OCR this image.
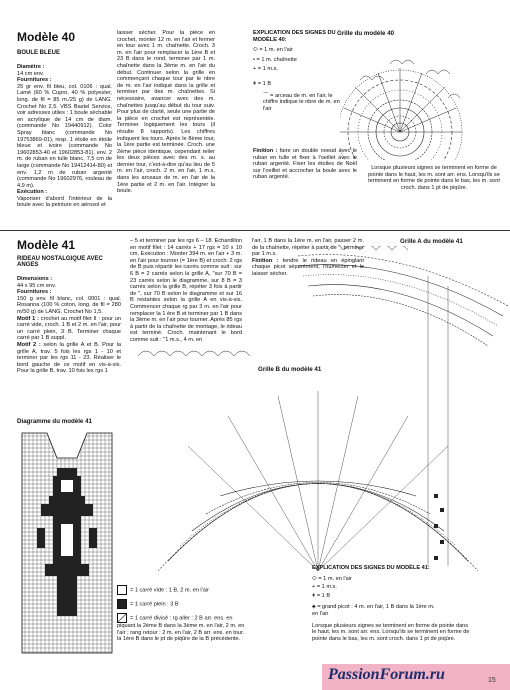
Modèle 40
BOULE BLEUE

Diamètre :

14 cm env.

Fournitures :

25 gr env. fil bleu, col. 0106 : qual. Lamé (60 % Cupro, 40 % polyester, long. de fil = 85 m./25 g) de LANG. Crochet No 2,5. VBS Bastel Service, voir adresses utiles : 1 boule sèchable en acrylique de 14 cm de diam. (commande No 19440912). Color Spray blanc (commande No 19753869-01), resp. 1 étoile en étoile bleue et ivoire (commande No 19602853-40 et 19602853-81), env. 2 m. de ruban en tulle blanc, 7,5 cm de large (commande No 19412414-80) et env. 1,2 m de ruban argenté (commande No 19602976, rouleau de 4,9 m).

Exécution :

Vaporiser d'abord l'intérieur de la boule avec la peinture en aérosol et

laisser sécher. Pour la pièce en crochet, monter 12 m. en l'air et fermer en tour avec 1 m. chaînette. Croch. 3 m. en l'air pour remplacer la 1ère B et 23 B dans le rond, terminer par 1 m. chaînette dans la 3ème m. en l'air du début. Continuer selon la grille en commençant chaque tour par le nbre de m. en l'air indiqué dans la grille et terminer par des m. chaînettes. Si nécessaire, avancer avec des m. chaînettes jusqu'au début du tour suiv. Pour plus de clarté, seule une partie de la pièce en crochet est représentée. Terminer logiquement les tours (il résulte 8 rapports). Les chiffres indiquent les tours. Après le 8ème tour, la 1ère partie est terminée. Croch. une 2ème pièce identique, cependant relier les deux pièces avec des m. s. au dernier tour, c'est-à-dire qu'au lieu de 5 m. en l'air, croch. 2 m. en l'air, 1 m.s. dans les arceaux de m. en l'air de la 1ère partie et 2 m. en l'air. Intégrer la boule.

EXPLICATION DES SIGNES DU MODÈLE 40:
⬭ = 1 m. en l'air
• = 1 m. chaînette
+ = 1 m.s.
ǂ = 1 B
⌒ = arceau de m. en l'air, le chiffre indique le nbre de m. en l'air

Finition : faire un double noeud avec le ruban en tulle et fixer à l'oeillet avec le ruban argenté. Fixer les étoiles de Noël sur l'oeillet et accrocher la boule avec le ruban argenté.

Grille du modèle 40
Lorsque plusieurs signes se terminent en forme de pointe dans le haut, les m. sont arr. ens. Lorsqu'ils se terminent en forme de pointe dans le bas, les m. sont croch. dans 1 pt de piqûre.
Modèle 41
RIDEAU NOSTALGIQUE AVEC ANGES

Dimensions :

44 x 95 cm env.

Fournitures :

150 g env. fil blanc, col. 0001 : qual. Rosanna (100 % coton, long. de fil = 280 m/50 g) de LANG. Crochet No 1,5.

Motif 1 : crochet au motif filet II : pour un carré vide, croch. 1 B et 2 m. en l'air, pour un carré plein, 3 B. Terminer chaque carré par 1 B suppl.

Motif 2 : selon la grille A et B. Pour la grille A, trav. 5 fois les rgs 1 - 10 et terminer par les rgs 11 - 23. Réaliser le bord gauche de ce motif en vis-à-vis. Pour la grille B, trav. 10 fois les rgs 1

– 5 et terminer par les rgs 6 – 18. Echantillon en motif filet : 14 carrés + 17 rgs = 10 x 10 cm. Exécution : Monter 394 m. en l'air + 3 m. en l'air pour tourner (= 1ère B) et croch. 2 rgs de B puis répartir les carrés comme suit : sur 6 B = 2 carrés selon la grille A, "sur 70 B = 23 carrés selon le diagramme, sur 8 B = 3 carrés selon la grille B, répéter 3 fois à partir de ", sur 70 B selon le diagramme et sur 16 B restantes selon la grille A en vis-à-vis. Commencer chaque rg par 3 m. en l'air pour remplacer la 1 ère B et terminer par 1 B dans la 3ème m. en l'air pour tourner. Après 85 rgs à partir de la chaînette de montage, le rideau est terminé. Croch. maintenant le bord comme suit : "1 m.s., 4 m. en

l'air, 1 B dans la 1ère m. en l'air, passer 2 m. de la chaînette, répéter à partir de ", terminer par 1 m.s.

Finition : tendre le rideau en épinglant chaque picot séparément, l'humecter et le laisser sécher.

Grille A du modèle 41
Diagramme du modèle 41
Grille B du modèle 41
= 1 carré vide : 1 B, 2 m. en l'air
= 1 carré plein : 3 B
= 1 carré divisé : rg aller : 2 B arr. ens. en piquant la 2ème B dans la 3ème m. en l'air, 2 m. en l'air ; rang retour : 2 m. en l'air, 2 B arr. ens. en tour. la 1ère B dans le pt de piqûre de la B précédente.
EXPLICATION DES SIGNES DU MODÈLE 41:
⬭ = 1 m. en l'air
+ = 1 m.s.
ǂ = 1 B
♣ = grand picot : 4 m. en l'air, 1 B dans la 1ère m. en l'air
Lorsque plusieurs signes se terminent en forme de pointe dans le haut, les m. sont arr. ens. Lorsqu'ils se terminent en forme de pointe dans le bas, les m. sont croch. dans 1 pt de piqûre.
PassionForum.ru	15
